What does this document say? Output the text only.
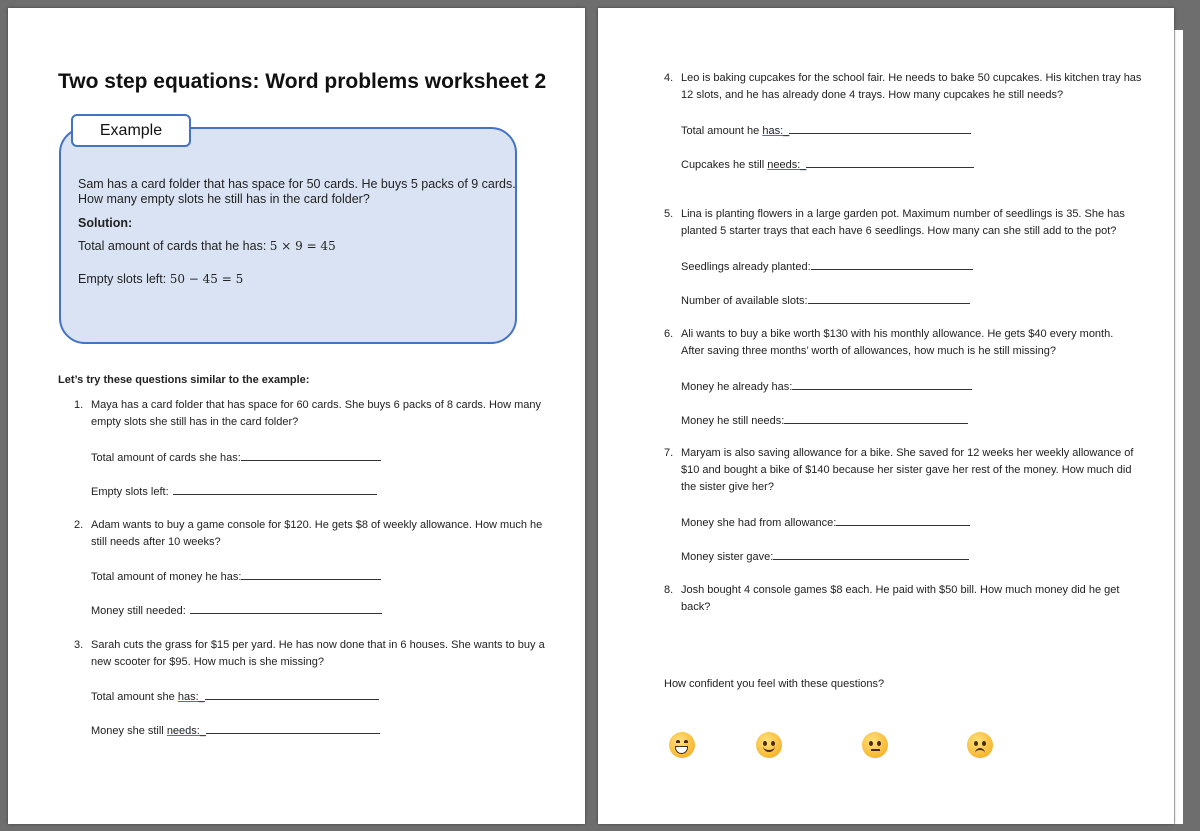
Two step equations: Word problems worksheet 2
Example
Sam has a card folder that has space for 50 cards. He buys 5 packs of 9 cards.
How many empty slots he still has in the card folder?
Solution:
Total amount of cards that he has: 5 × 9 = 45
Empty slots left: 50 − 45 = 5
Let’s try these questions similar to the example:
1. Maya has a card folder that has space for 60 cards. She buys 6 packs of 8 cards. How many
empty slots she still has in the card folder?
Total amount of cards she has:
Empty slots left:
2. Adam wants to buy a game console for $120. He gets $8 of weekly allowance. How much he
still needs after 10 weeks?
Total amount of money he has:
Money still needed:
3. Sarah cuts the grass for $15 per yard. He has now done that in 6 houses. She wants to buy a
new scooter for $95. How much is she missing?
Total amount she has:_
Money she still needs:_
4. Leo is baking cupcakes for the school fair. He needs to bake 50 cupcakes. His kitchen tray has
12 slots, and he has already done 4 trays. How many cupcakes he still needs?
Total amount he has:_
Cupcakes he still needs:_
5. Lina is planting flowers in a large garden pot. Maximum number of seedlings is 35. She has
planted 5 starter trays that each have 6 seedlings. How many can she still add to the pot?
Seedlings already planted:
Number of available slots:
6. Ali wants to buy a bike worth $130 with his monthly allowance. He gets $40 every month.
After saving three months’ worth of allowances, how much is he still missing?
Money he already has:
Money he still needs:
7. Maryam is also saving allowance for a bike. She saved for 12 weeks her weekly allowance of
$10 and bought a bike of $140 because her sister gave her rest of the money. How much did
the sister give her?
Money she had from allowance:
Money sister gave:
8. Josh bought 4 console games $8 each. He paid with $50 bill. How much money did he get
back?
How confident you feel with these questions?
